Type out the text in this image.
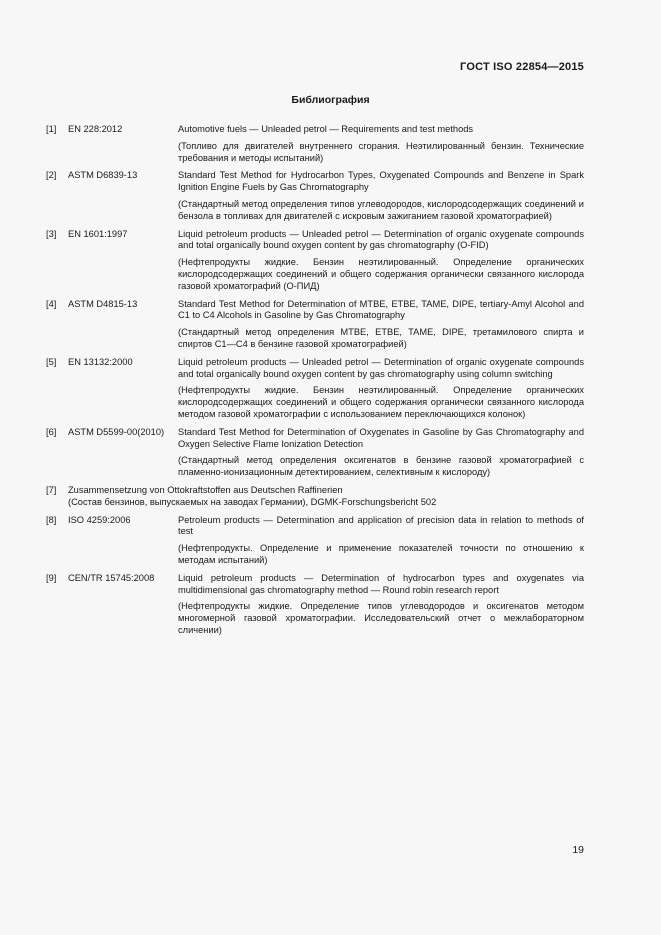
ГОСТ ISO 22854—2015
Библиография
[1]	EN 228:2012	Automotive fuels — Unleaded petrol — Requirements and test methods

(Топливо для двигателей внутреннего сгорания. Неэтилированный бензин. Технические требования и методы испытаний)

[2]	ASTM D6839-13	Standard Test Method for Hydrocarbon Types, Oxygenated Compounds and Benzene in Spark Ignition Engine Fuels by Gas Chromatography

(Стандартный метод определения типов углеводородов, кислородсодержащих соединений и бензола в топливах для двигателей с искровым зажиганием газовой хроматографией)

[3]	EN 1601:1997	Liquid petroleum products — Unleaded petrol — Determination of organic oxygenate compounds and total organically bound oxygen content by gas chromatography (O-FID)

(Нефтепродукты жидкие. Бензин неэтилированный. Определение органических кислородсодержащих соединений и общего содержания органически связанного кислорода газовой хроматографий (О-ПИД)

[4]	ASTM D4815-13	Standard Test Method for Determination of MTBE, ETBE, TAME, DIPE, tertiary-Amyl Alcohol and C1 to C4 Alcohols in Gasoline by Gas Chromatography

(Стандартный метод определения MTBE, ETBE, TAME, DIPE, третамилового спирта и спиртов C1—C4 в бензине газовой хроматографией)

[5]	EN 13132:2000	Liquid petroleum products — Unleaded petrol — Determination of organic oxygenate compounds and total organically bound oxygen content by gas chromatography using column switching

(Нефтепродукты жидкие. Бензин неэтилированный. Определение органических кислородсодержащих соединений и общего содержания органически связанного кислорода методом газовой хроматографии с использованием переключающихся колонок)

[6]	ASTM D5599-00(2010)	Standard Test Method for Determination of Oxygenates in Gasoline by Gas Chromatography and Oxygen Selective Flame Ionization Detection

(Стандартный метод определения оксигенатов в бензине газовой хроматографией с пламенно-ионизационным детектированием, селективным к кислороду)

[7]	Zusammensetzung von Ottokraftstoffen aus Deutschen Raffinerien

(Состав бензинов, выпускаемых на заводах Германии), DGMK-Forschungsbericht 502

[8]	ISO 4259:2006	Petroleum products — Determination and application of precision data in relation to methods of test

(Нефтепродукты. Определение и применение показателей точности по отношению к методам испытаний)

[9]	CEN/TR 15745:2008	Liquid petroleum products — Determination of hydrocarbon types and oxygenates via multidimensional gas chromatography method — Round robin research report

(Нефтепродукты жидкие. Определение типов углеводородов и оксигенатов методом многомерной газовой хроматографии. Исследовательский отчет о межлабораторном сличении)

19
